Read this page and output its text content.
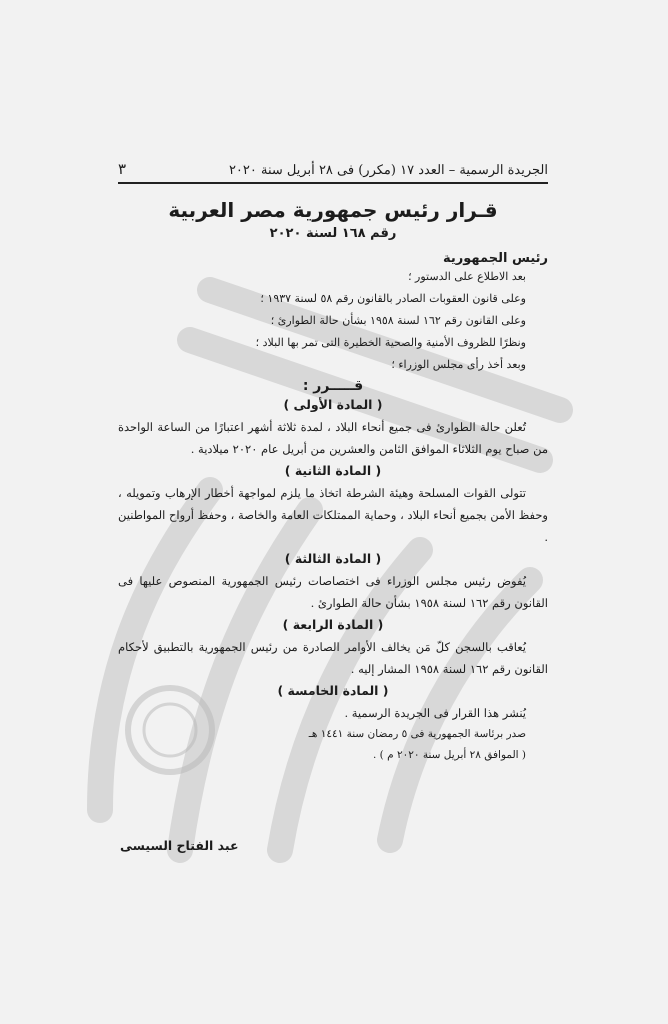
الجريدة الرسمية – العدد ١٧ (مكرر) فى ٢٨ أبريل سنة ٢٠٢٠
٣
قـرار رئيس جمهورية مصر العربية
رقم ١٦٨ لسنة ٢٠٢٠
رئيس الجمهورية
بعد الاطلاع على الدستور ؛
وعلى قانون العقوبات الصادر بالقانون رقم ٥٨ لسنة ١٩٣٧ ؛
وعلى القانون رقم ١٦٢ لسنة ١٩٥٨ بشأن حالة الطوارئ ؛
ونظرًا للظروف الأمنية والصحية الخطيرة التى تمر بها البلاد ؛
وبعد أخذ رأى مجلس الوزراء ؛
قـــــرر :
( المادة الأولى )
تُعلن حالة الطوارئ فى جميع أنحاء البلاد ، لمدة ثلاثة أشهر اعتبارًا من الساعة الواحدة من صباح يوم الثلاثاء الموافق الثامن والعشرين من أبريل عام ٢٠٢٠ ميلادية .
( المادة الثانية )
تتولى القوات المسلحة وهيئة الشرطة اتخاذ ما يلزم لمواجهة أخطار الإرهاب وتمويله ، وحفظ الأمن بجميع أنحاء البلاد ، وحماية الممتلكات العامة والخاصة ، وحفظ أرواح المواطنين .
( المادة الثالثة )
يُفوض رئيس مجلس الوزراء فى اختصاصات رئيس الجمهورية المنصوص عليها فى القانون رقم ١٦٢ لسنة ١٩٥٨ بشأن حالة الطوارئ .
( المادة الرابعة )
يُعاقب بالسجن كلّ مَن يخالف الأوامر الصادرة من رئيس الجمهورية بالتطبيق لأحكام القانون رقم ١٦٢ لسنة ١٩٥٨ المشار إليه .
( المادة الخامسة )
يُنشر هذا القرار فى الجريدة الرسمية .
صدر برئاسة الجمهورية فى ٥ رمضان سنة ١٤٤١ هـ
( الموافق ٢٨ أبريل سنة ٢٠٢٠ م ) .
عبد الفتاح السيسى
